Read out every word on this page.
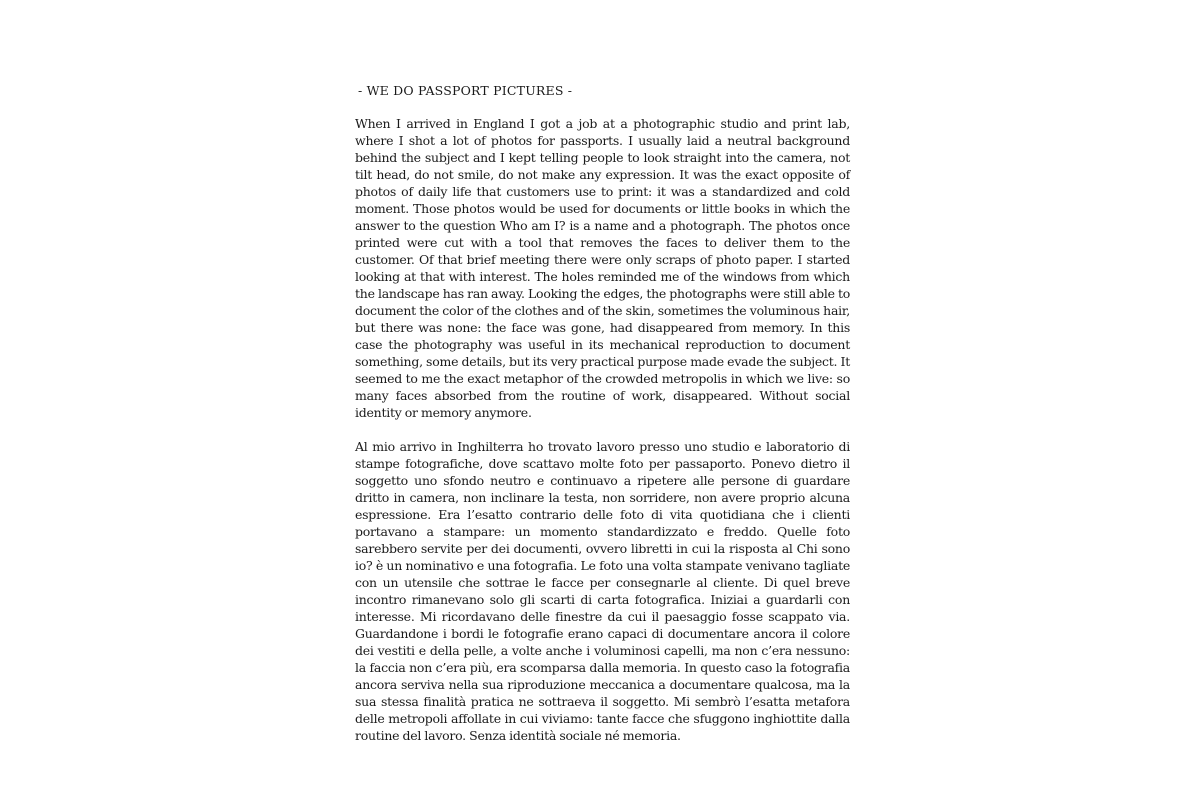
- WE DO PASSPORT PICTURES -

When I arrived in England I got a job at a photographic studio and print lab, where I shot a lot of photos for passports. I usually laid a neutral background behind the subject and I kept telling people to look straight into the camera, not tilt head, do not smile, do not make any expression. It was the exact opposite of photos of daily life that customers use to print: it was a standardized and cold moment. Those photos would be used for documents or little books in which the answer to the question Who am I? is a name and a photograph. The photos once printed were cut with a tool that removes the faces to deliver them to the customer. Of that brief meeting there were only scraps of photo paper. I started looking at that with interest. The holes reminded me of the windows from which the landscape has ran away. Looking the edges, the photographs were still able to document the color of the clothes and of the skin, sometimes the voluminous hair, but there was none: the face was gone, had disappeared from memory. In this case the photography was useful in its mechanical reproduction to document something, some details, but its very practical purpose made evade the subject. It seemed to me the exact metaphor of the crowded metropolis in which we live: so many faces absorbed from the routine of work, disappeared. Without social identity or memory anymore.

Al mio arrivo in Inghilterra ho trovato lavoro presso uno studio e laboratorio di stampe fotografiche, dove scattavo molte foto per passaporto. Ponevo dietro il soggetto uno sfondo neutro e continuavo a ripetere alle persone di guardare dritto in camera, non inclinare la testa, non sorridere, non avere proprio alcuna espressione. Era l’esatto contrario delle foto di vita quotidiana che i clienti portavano a stampare: un momento standardizzato e freddo. Quelle foto sarebbero servite per dei documenti, ovvero libretti in cui la risposta al Chi sono io? è un nominativo e una fotografia. Le foto una volta stampate venivano tagliate con un utensile che sottrae le facce per consegnarle al cliente. Di quel breve incontro rimanevano solo gli scarti di carta fotografica. Iniziai a guardarli con interesse. Mi ricordavano delle finestre da cui il paesaggio fosse scappato via. Guardandone i bordi le fotografie erano capaci di documentare ancora il colore dei vestiti e della pelle, a volte anche i voluminosi capelli, ma non c’era nessuno: la faccia non c’era più, era scomparsa dalla memoria. In questo caso la fotografia ancora serviva nella sua riproduzione meccanica a documentare qualcosa, ma la sua stessa finalità pratica ne sottraeva il soggetto. Mi sembrò l’esatta metafora delle metropoli affollate in cui viviamo: tante facce che sfuggono inghiottite dalla routine del lavoro. Senza identità sociale né memoria.
